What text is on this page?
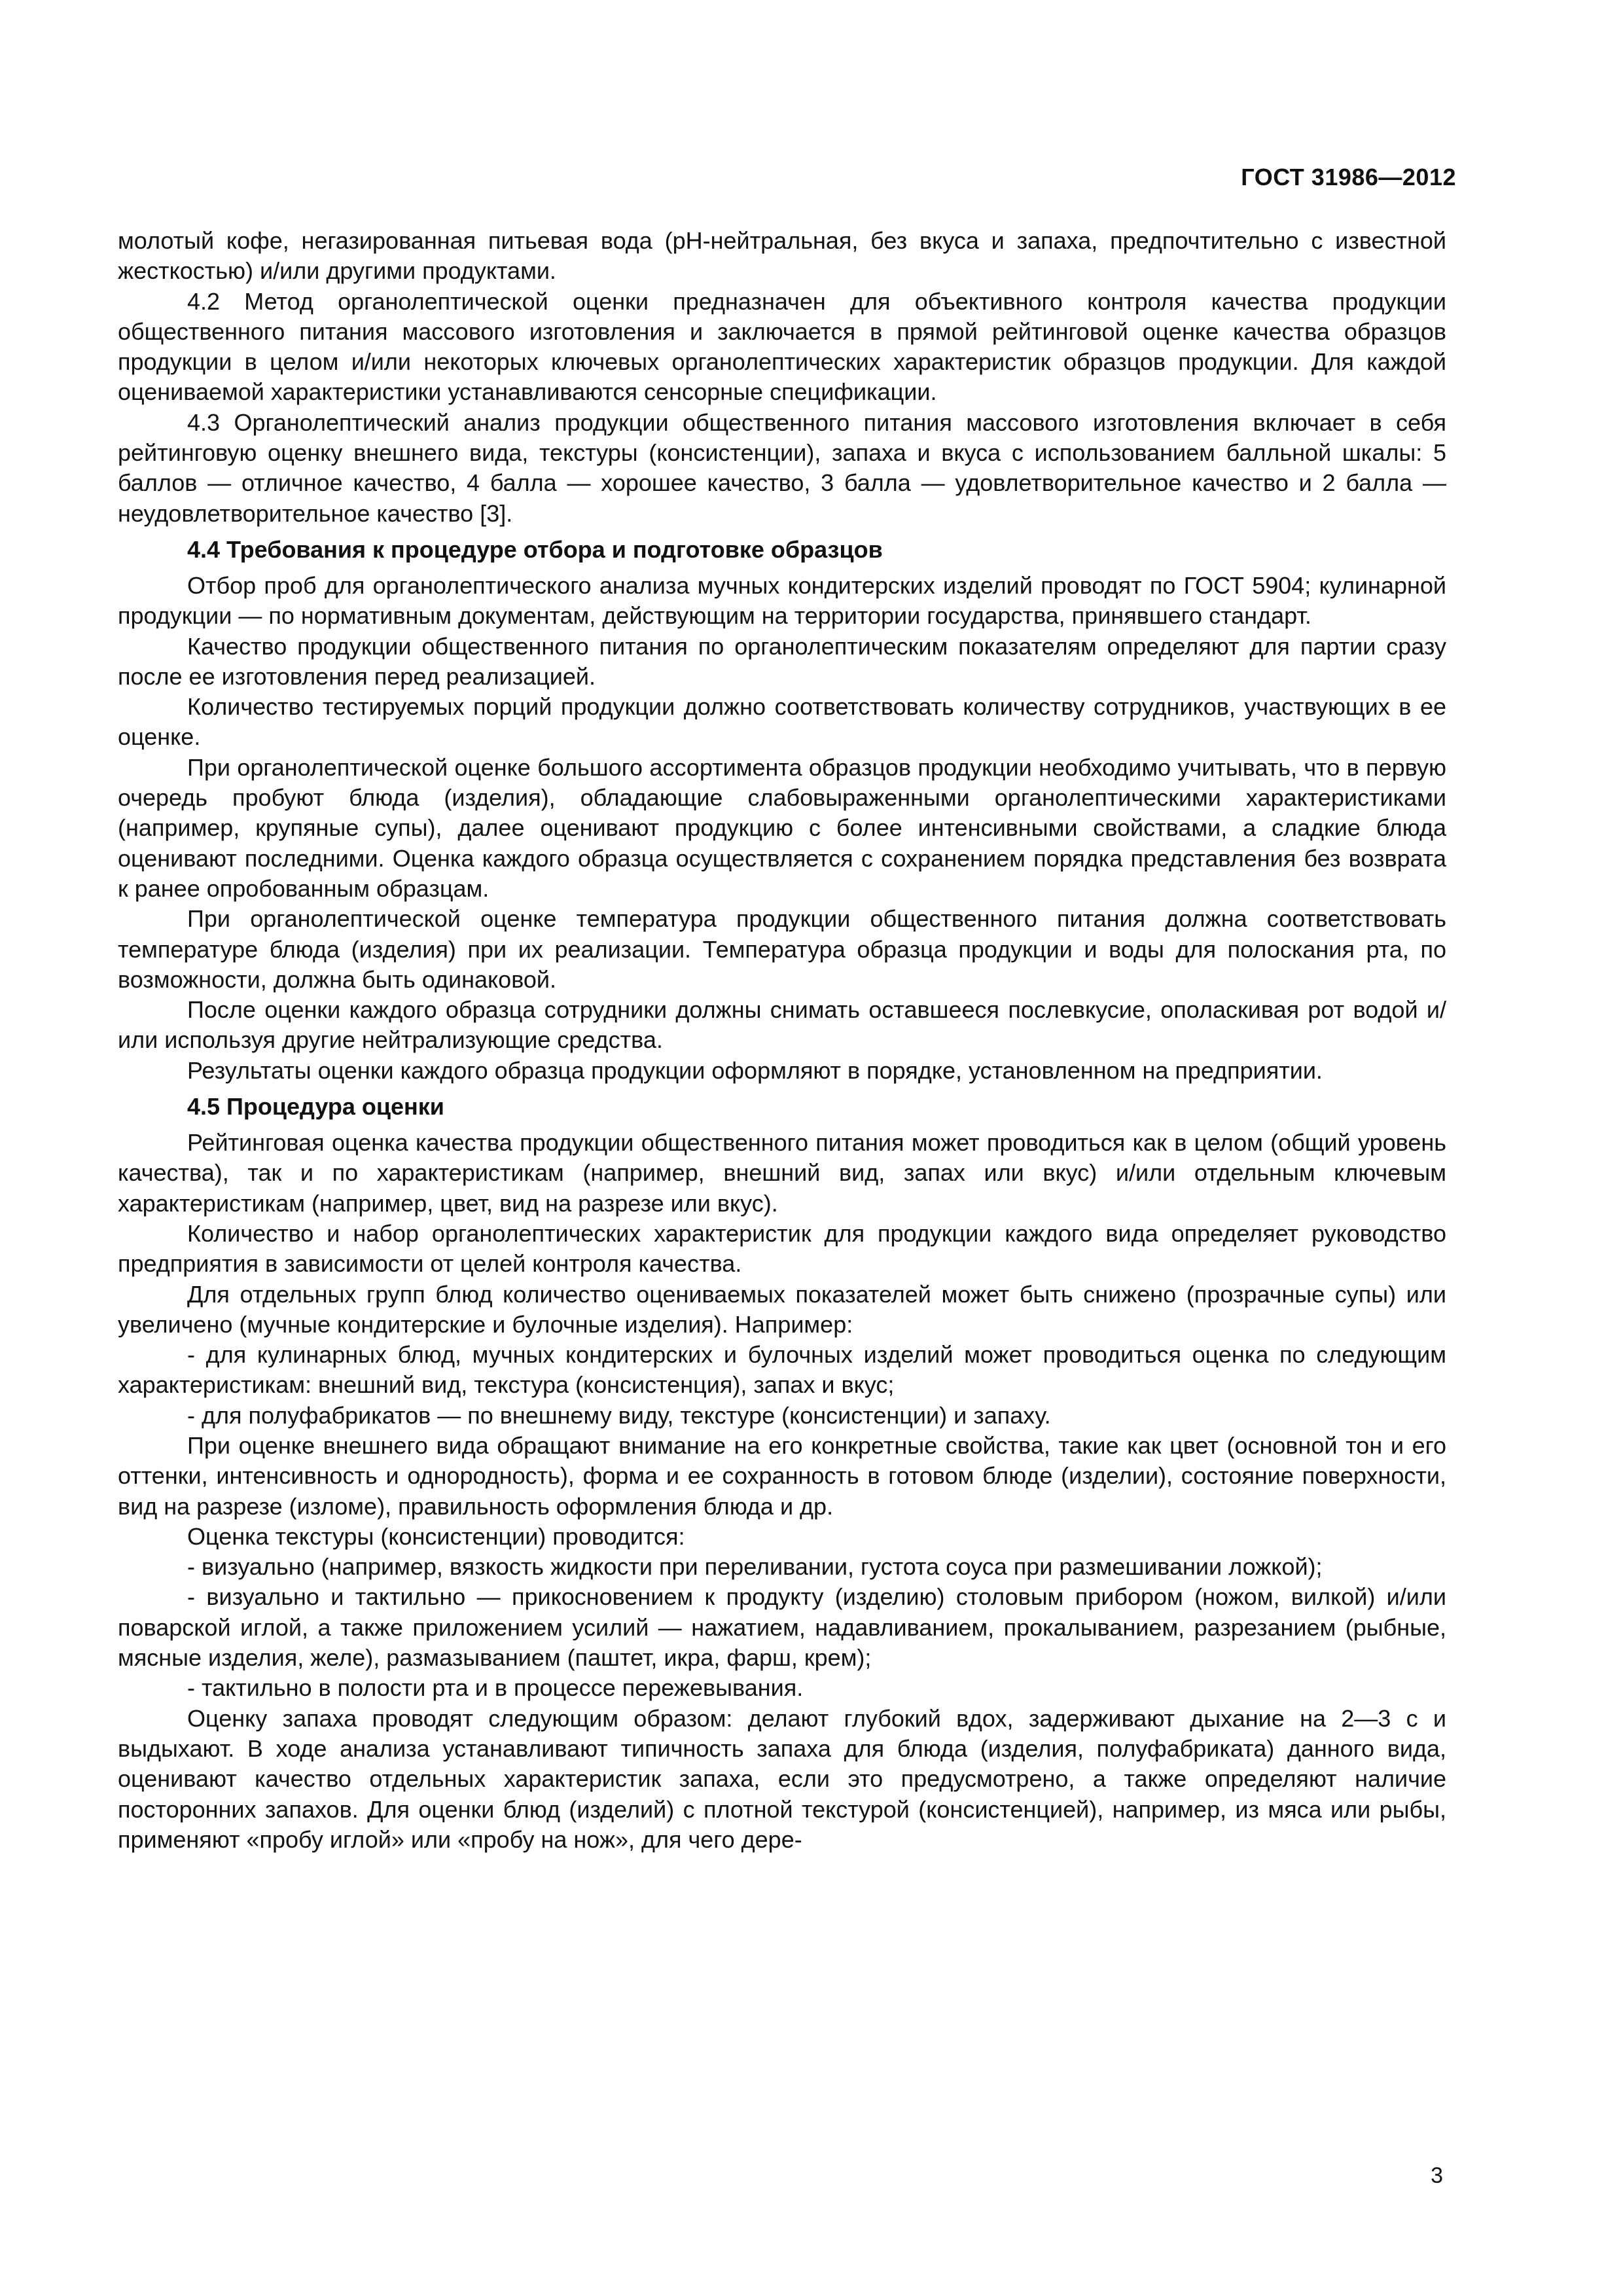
ГОСТ 31986—2012

молотый кофе, негазированная питьевая вода (pH-нейтральная, без вкуса и запаха, предпочтительно с известной жесткостью) и/или другими продуктами.

4.2 Метод органолептической оценки предназначен для объективного контроля качества продукции общественного питания массового изготовления и заключается в прямой рейтинговой оценке качества образцов продукции в целом и/или некоторых ключевых органолептических характеристик образцов продукции. Для каждой оцениваемой характеристики устанавливаются сенсорные спецификации.

4.3 Органолептический анализ продукции общественного питания массового изготовления включает в себя рейтинговую оценку внешнего вида, текстуры (консистенции), запаха и вкуса с использованием балльной шкалы: 5 баллов — отличное качество, 4 балла — хорошее качество, 3 балла — удовлетворительное качество и 2 балла — неудовлетворительное качество [3].

4.4 Требования к процедуре отбора и подготовке образцов

Отбор проб для органолептического анализа мучных кондитерских изделий проводят по ГОСТ 5904; кулинарной продукции — по нормативным документам, действующим на территории государства, принявшего стандарт.

Качество продукции общественного питания по органолептическим показателям определяют для партии сразу после ее изготовления перед реализацией.

Количество тестируемых порций продукции должно соответствовать количеству сотрудников, участвующих в ее оценке.

При органолептической оценке большого ассортимента образцов продукции необходимо учитывать, что в первую очередь пробуют блюда (изделия), обладающие слабовыраженными органолептическими характеристиками (например, крупяные супы), далее оценивают продукцию с более интенсивными свойствами, а сладкие блюда оценивают последними. Оценка каждого образца осуществляется с сохранением порядка представления без возврата к ранее опробованным образцам.

При органолептической оценке температура продукции общественного питания должна соответствовать температуре блюда (изделия) при их реализации. Температура образца продукции и воды для полоскания рта, по возможности, должна быть одинаковой.

После оценки каждого образца сотрудники должны снимать оставшееся послевкусие, ополаскивая рот водой и/или используя другие нейтрализующие средства.

Результаты оценки каждого образца продукции оформляют в порядке, установленном на предприятии.

4.5 Процедура оценки

Рейтинговая оценка качества продукции общественного питания может проводиться как в целом (общий уровень качества), так и по характеристикам (например, внешний вид, запах или вкус) и/или отдельным ключевым характеристикам (например, цвет, вид на разрезе или вкус).

Количество и набор органолептических характеристик для продукции каждого вида определяет руководство предприятия в зависимости от целей контроля качества.

Для отдельных групп блюд количество оцениваемых показателей может быть снижено (прозрачные супы) или увеличено (мучные кондитерские и булочные изделия). Например:

- для кулинарных блюд, мучных кондитерских и булочных изделий может проводиться оценка по следующим характеристикам: внешний вид, текстура (консистенция), запах и вкус;

- для полуфабрикатов — по внешнему виду, текстуре (консистенции) и запаху.

При оценке внешнего вида обращают внимание на его конкретные свойства, такие как цвет (основной тон и его оттенки, интенсивность и однородность), форма и ее сохранность в готовом блюде (изделии), состояние поверхности, вид на разрезе (изломе), правильность оформления блюда и др.

Оценка текстуры (консистенции) проводится:

- визуально (например, вязкость жидкости при переливании, густота соуса при размешивании ложкой);

- визуально и тактильно — прикосновением к продукту (изделию) столовым прибором (ножом, вилкой) и/или поварской иглой, а также приложением усилий — нажатием, надавливанием, прокалыванием, разрезанием (рыбные, мясные изделия, желе), размазыванием (паштет, икра, фарш, крем);

- тактильно в полости рта и в процессе пережевывания.

Оценку запаха проводят следующим образом: делают глубокий вдох, задерживают дыхание на 2—3 с и выдыхают. В ходе анализа устанавливают типичность запаха для блюда (изделия, полуфабриката) данного вида, оценивают качество отдельных характеристик запаха, если это предусмотрено, а также определяют наличие посторонних запахов. Для оценки блюд (изделий) с плотной текстурой (консистенцией), например, из мяса или рыбы, применяют «пробу иглой» или «пробу на нож», для чего дере-

3
